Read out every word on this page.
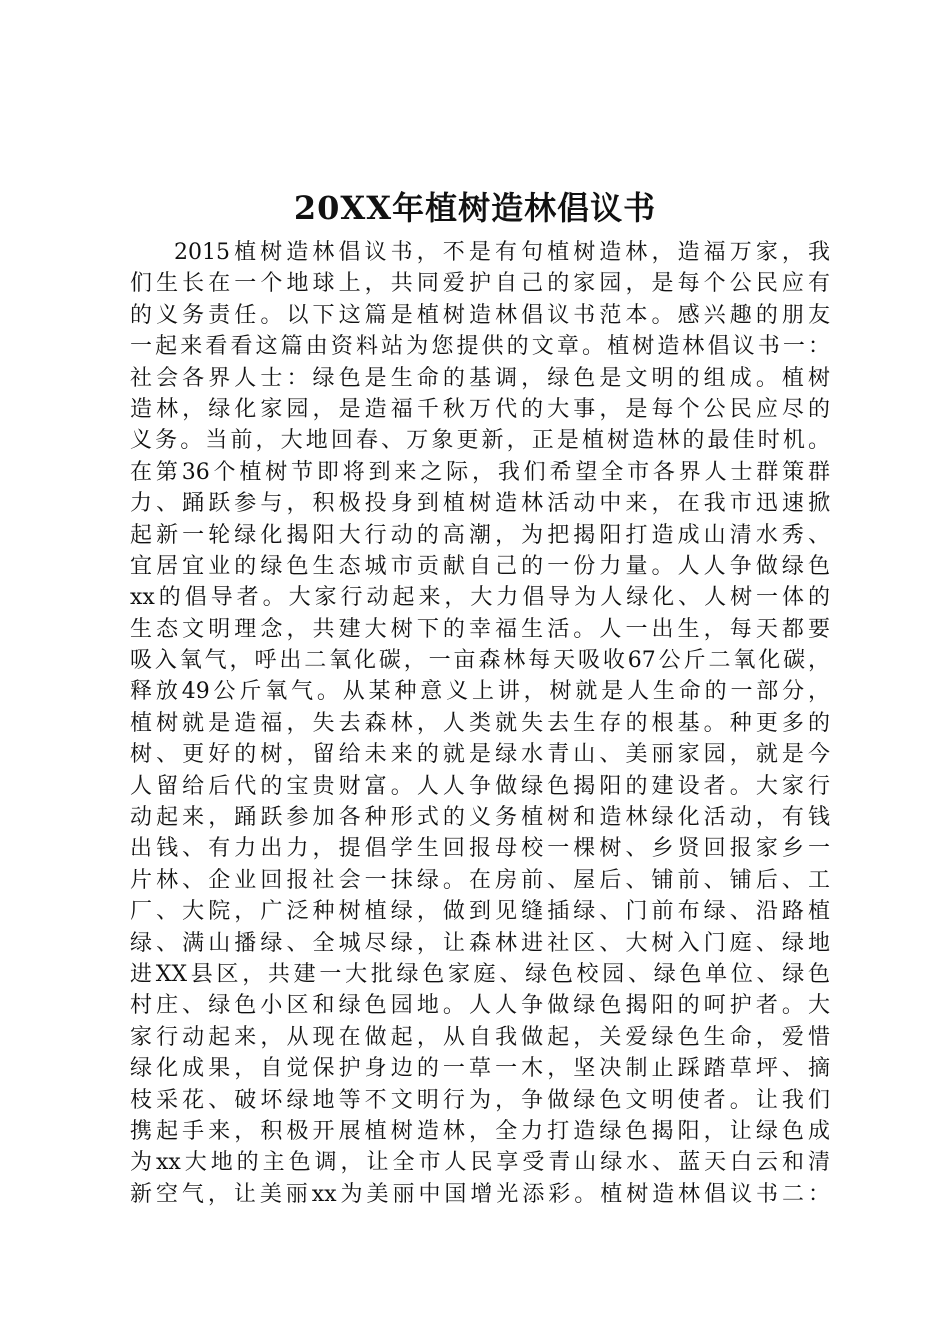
20XX年植树造林倡议书
2015植树造林倡议书，不是有句植树造林，造福万家，我
们生长在一个地球上，共同爱护自己的家园，是每个公民应有
的义务责任。以下这篇是植树造林倡议书范本。感兴趣的朋友
一起来看看这篇由资料站为您提供的文章。植树造林倡议书一：
社会各界人士：绿色是生命的基调，绿色是文明的组成。植树
造林，绿化家园，是造福千秋万代的大事，是每个公民应尽的
义务。当前，大地回春、万象更新，正是植树造林的最佳时机。
在第36个植树节即将到来之际，我们希望全市各界人士群策群
力、踊跃参与，积极投身到植树造林活动中来，在我市迅速掀
起新一轮绿化揭阳大行动的高潮，为把揭阳打造成山清水秀、
宜居宜业的绿色生态城市贡献自己的一份力量。人人争做绿色
xx的倡导者。大家行动起来，大力倡导为人绿化、人树一体的
生态文明理念，共建大树下的幸福生活。人一出生，每天都要
吸入氧气，呼出二氧化碳，一亩森林每天吸收67公斤二氧化碳，
释放49公斤氧气。从某种意义上讲，树就是人生命的一部分，
植树就是造福，失去森林，人类就失去生存的根基。种更多的
树、更好的树，留给未来的就是绿水青山、美丽家园，就是今
人留给后代的宝贵财富。人人争做绿色揭阳的建设者。大家行
动起来，踊跃参加各种形式的义务植树和造林绿化活动，有钱
出钱、有力出力，提倡学生回报母校一棵树、乡贤回报家乡一
片林、企业回报社会一抹绿。在房前、屋后、铺前、铺后、工
厂、大院，广泛种树植绿，做到见缝插绿、门前布绿、沿路植
绿、满山播绿、全城尽绿，让森林进社区、大树入门庭、绿地
进XX县区，共建一大批绿色家庭、绿色校园、绿色单位、绿色
村庄、绿色小区和绿色园地。人人争做绿色揭阳的呵护者。大
家行动起来，从现在做起，从自我做起，关爱绿色生命，爱惜
绿化成果，自觉保护身边的一草一木，坚决制止踩踏草坪、摘
枝采花、破坏绿地等不文明行为，争做绿色文明使者。让我们
携起手来，积极开展植树造林，全力打造绿色揭阳，让绿色成
为xx大地的主色调，让全市人民享受青山绿水、蓝天白云和清
新空气，让美丽xx为美丽中国增光添彩。植树造林倡议书二：
